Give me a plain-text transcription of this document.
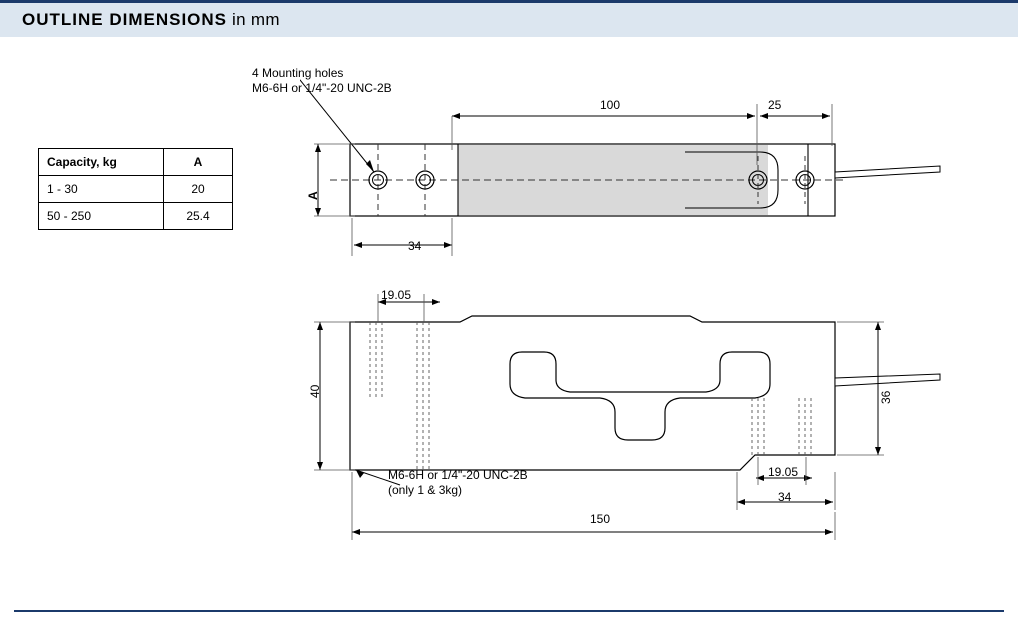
OUTLINE DIMENSIONS in mm
Capacity, kg	A
1 - 30	20
50 - 250	25.4
4 Mounting holes
M6-6H or 1/4"-20 UNC-2B
100	25
34
A
19.05
40	36
19.05
34
150
M6-6H or 1/4"-20 UNC-2B
(only 1 & 3kg)
